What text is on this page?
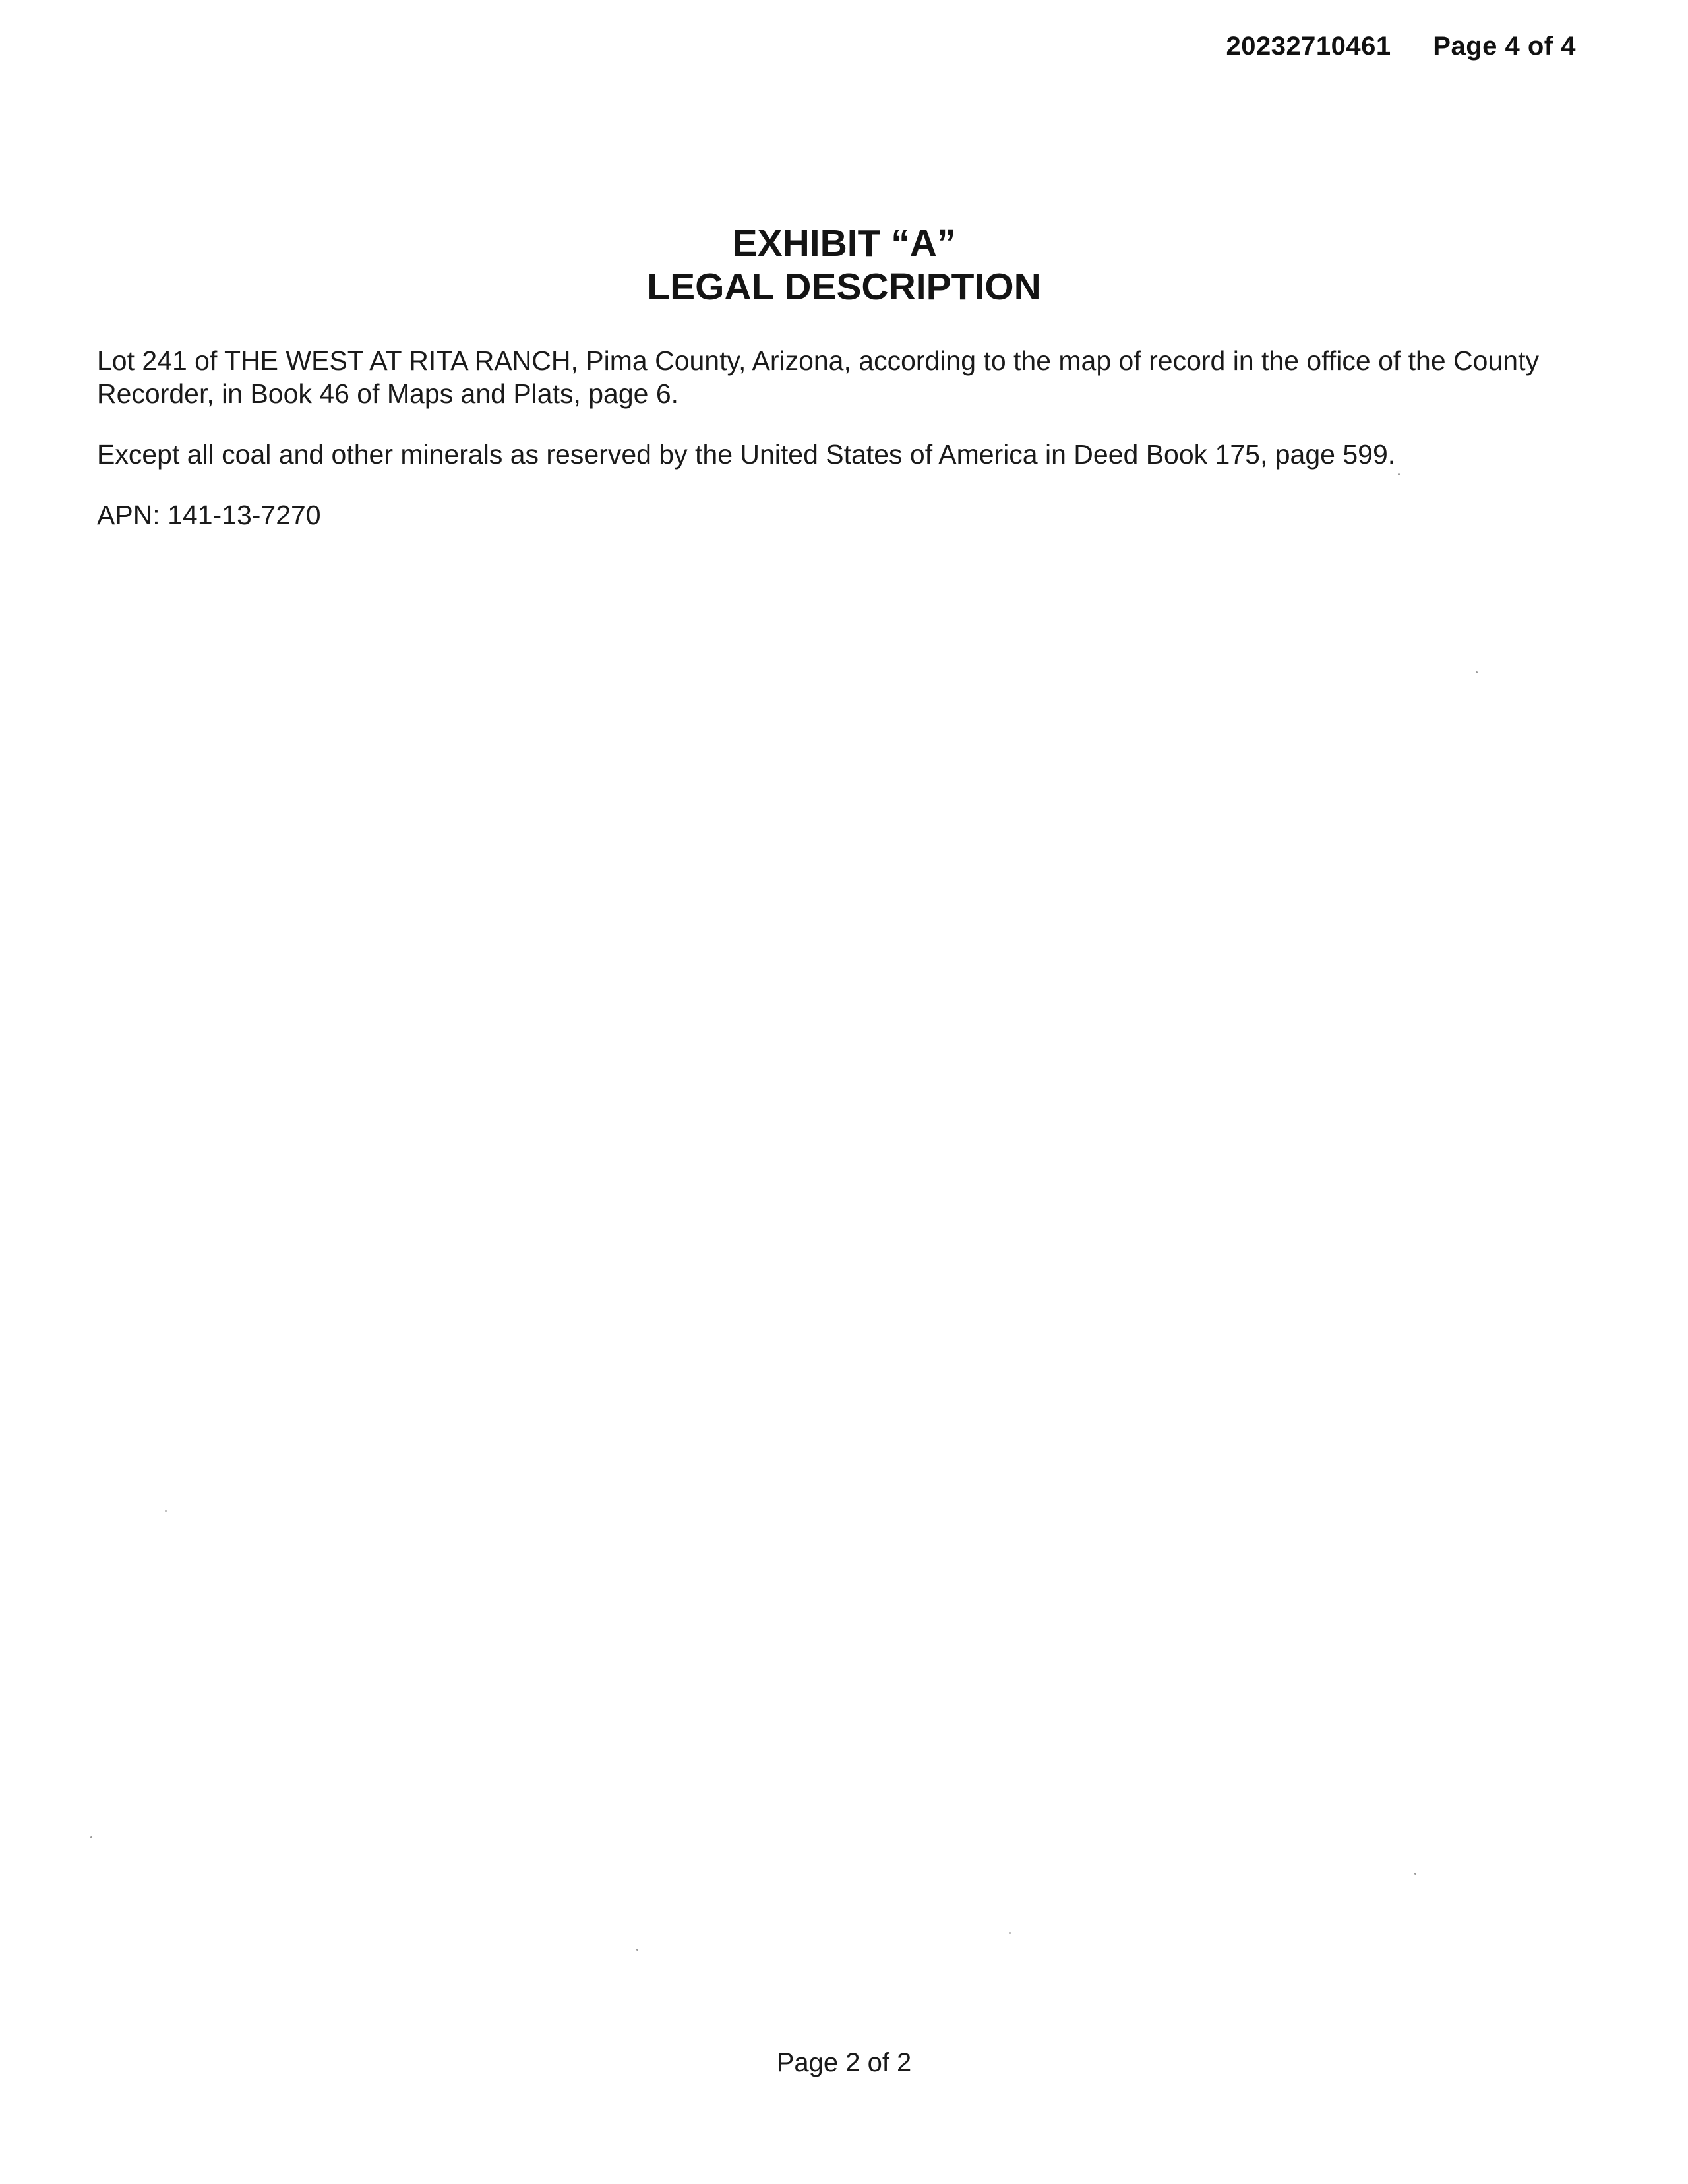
20232710461 Page 4 of 4
EXHIBIT “A”
LEGAL DESCRIPTION
Lot 241 of THE WEST AT RITA RANCH, Pima County, Arizona, according to the map of record in the office of the County Recorder, in Book 46 of Maps and Plats, page 6.
Except all coal and other minerals as reserved by the United States of America in Deed Book 175, page 599.
APN: 141-13-7270
Page 2 of 2
